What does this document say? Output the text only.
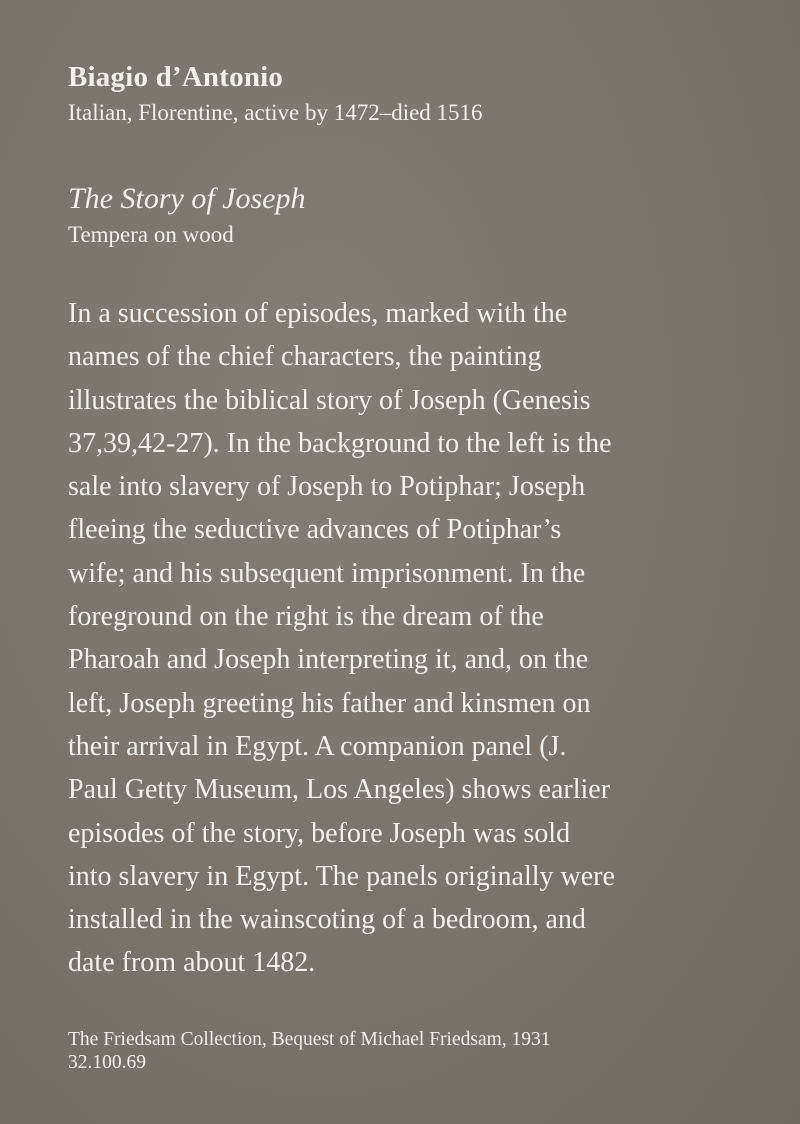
Biagio d’Antonio

Italian, Florentine, active by 1472–died 1516

The Story of Joseph

Tempera on wood

In a succession of episodes, marked with the
names of the chief characters, the painting
illustrates the biblical story of Joseph (Genesis
37,39,42-27). In the background to the left is the
sale into slavery of Joseph to Potiphar; Joseph
fleeing the seductive advances of Potiphar’s
wife; and his subsequent imprisonment. In the
foreground on the right is the dream of the
Pharoah and Joseph interpreting it, and, on the
left, Joseph greeting his father and kinsmen on
their arrival in Egypt. A companion panel (J.
Paul Getty Museum, Los Angeles) shows earlier
episodes of the story, before Joseph was sold
into slavery in Egypt. The panels originally were
installed in the wainscoting of a bedroom, and
date from about 1482.
The Friedsam Collection, Bequest of Michael Friedsam, 1931
32.100.69
